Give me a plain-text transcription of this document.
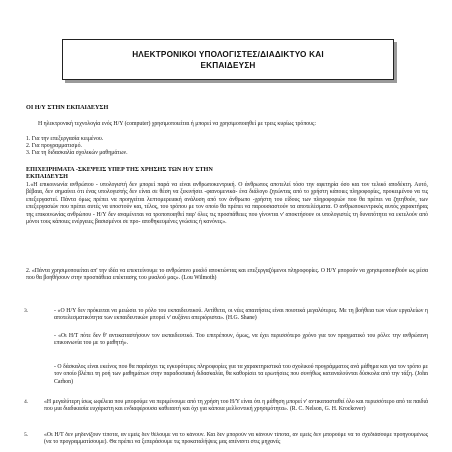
ΗΛΕΚΤΡΟΝΙΚΟΙ ΥΠΟΛΟΓΙΣΤΕΣ/ΔΙΑΔΙΚΤΥΟ ΚΑΙ
ΕΚΠΑΙΔΕΥΣΗ
ΟΙ Η/Υ ΣΤΗΝ ΕΚΠΑΙΔΕΥΣΗ
Η ηλεκτρονική τεχνολογία ενός Η/Υ (computer) χρησιμοποιείται ή μπορεί να χρησιμοποιηθεί με τρεις κυρίως τρόπους:
1. Για την επεξεργασία κειμένου.
2. Για προγραμματισμό.
3. Για τη διδασκαλία σχολικών μαθημάτων.
ΕΠΙΧΕΙΡΗΜΑΤΑ -ΣΚΕΨΕΙΣ ΥΠΕΡ ΤΗΣ ΧΡΗΣΗΣ ΤΩΝ Η/Υ ΣΤΗΝ
ΕΚΠΑΙΔΕΥΣΗ
1.«Η επικοινωνία ανθρώπου - υπολογιστή δεν μπορεί παρά να είναι ανθρωποκεντρική. Ο άνθρωπος αποτελεί τόσο την αφετηρία όσο και τον τελικό αποδέκτη. Αυτό, βέβαια, δεν σημαίνει ότι ένας υπολογιστής δεν είναι σε θέση να ξεκινήσει -φαινομενικά- ένα διάλογο ζητώντας από το χρήστη κάποιες πληροφορίες, προκειμένου να τις επεξεργαστεί. Πάντα όμως πρέπει να προηγείται λεπτομερειακή ανάλυση από τον άνθρωπο -χρήστη του είδους των πληροφοριών που θα πρέπει να ζητηθούν, των επεξεργασιών που πρέπει αυτές να υποστούν και, τέλος, του τρόπου με τον οποίο θα πρέπει να παρουσιαστούν τα αποτελέσματα. Ο ανθρωποκεντρικός αυτός χαρακτήρας της επικοινωνίας ανθρώπου - Η/Υ δεν αναμένεται να τροποποιηθεί παρ' όλες τις προσπάθειες που γίνονται ν' αποκτήσουν οι υπολογιστές τη δυνατότητα να εκτελούν από μόνοι τους κάποιες ενέργειες βασισμένοι σε προ- αποθηκευμένες γνώσεις ή κανόνες».
2. «Πάντα χρησιμοποιείται απ' την ιδέα να επεκτείνουμε το ανθρώπινο μυαλό αποκτώντας και επεξεργαζόμενοι πληροφορίες. Ο Η/Υ μπορούν να χρησιμοποιηθούν ως μέσα που θα βοηθήσουν στην προσπάθεια επέκτασης του μυαλού μας». (Lou Wilmoth)
3.	- «Ο Η/Υ δεν πρόκειται να μειώσει το ρόλο του εκπαιδευτικού. Αντίθετα, οι νέες απαιτήσεις είναι ποιοτικά μεγαλύτερες. Με τη βοήθεια των νέων εργαλείων η αποτελεσματικότητα των εκπαιδευτικών μπορεί ν' αυξάνει απεριόριστα». (H.G. Shane)
- «Οι Η/Τ πότε δεν θ' αντικαταστήσουν τον εκπαιδευτικό. Του επιτρέπουν, όμως, να έχει περισσότερο χρόνο για τον πραγματικό του ρόλο: την ανθρώπινη επικοινωνία του με το μαθητή».
- Ο δάσκαλος είναι εκείνος που θα παράσχει τις εγκυρότερες πληροφορίες για τα χαρακτηριστικά του σχολικού προγράμματος ανά μάθημα και για τον τρόπο με τον οποίο βλέπει τη ροή των μαθημάτων στην παραδοσιακή διδασκαλία, θα καθορίσει τα ερωτήσεις που συνήθως καταναλούνται δύσκολα από την τάξη. (John Carhon)
4.	«Η μεγαλύτερη ίσως ωφέλεια που μπορούμε να περιμένουμε από τη χρήση του Η/Υ είναι ότι η μάθηση μπορεί ν' αντικατασταθεί όλο και περισσότερο από τα παιδιά που μια διαδικασία ευχάριστη και ενδιαφέρουσα καθεαυτή και όχι για κάποια μελλοντική χρησιμότητα». (R. C. Nelson, G. H. Krockover)
5.	«Οι Η/Τ δεν μηδενίζουν τίποτα, αν εμείς δεν θέλουμε να το κάνουν. Και δεν μπορούν να κάνουν τίποτα, αν εμείς δεν μπορούμε να το σχεδιάσουμε προηγουμένως (να το προγραμματίσουμε). Θα πρέπει να ξεπεράσουμε τις προκαταλήψεις μας απέναντι στις μηχανές
